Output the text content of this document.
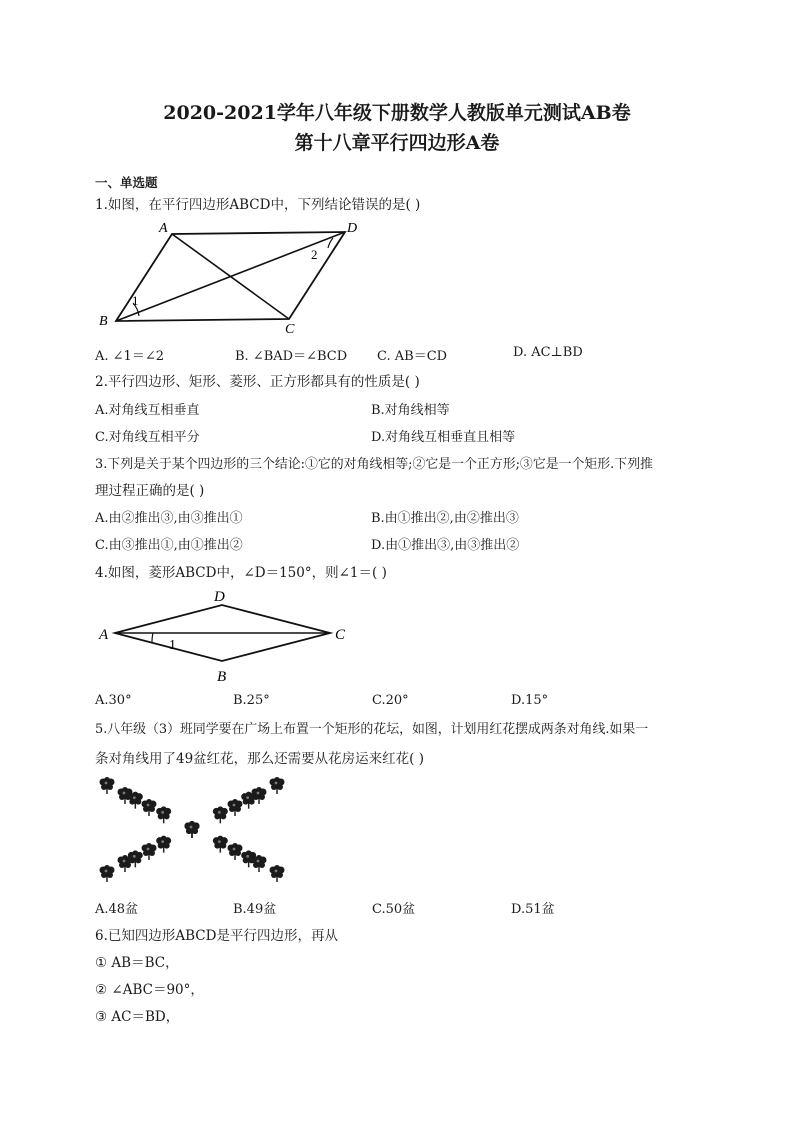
2020-2021学年八年级下册数学人教版单元测试AB卷
第十八章平行四边形A卷
一、单选题
1.如图，在平行四边形ABCD中，下列结论错误的是( )
A	D
B
C
1
2
A. ∠1＝∠2	B. ∠BAD＝∠BCD C. AB＝CD	D. AC⊥BD
2.平行四边形、矩形、菱形、正方形都具有的性质是( )
A.对角线互相垂直	B.对角线相等
C.对角线互相平分	D.对角线互相垂直且相等
3.下列是关于某个四边形的三个结论:①它的对角线相等;②它是一个正方形;③它是一个矩形.下列推
理过程正确的是( )
A.由②推出③,由③推出①	B.由①推出②,由②推出③
C.由③推出①,由①推出②	D.由①推出③,由③推出②
4.如图，菱形ABCD中，∠D＝150°，则∠1＝( )
D
A	C
B
1
A.30°	B.25°	C.20°	D.15°
5.八年级（3）班同学要在广场上布置一个矩形的花坛，如图，计划用红花摆成两条对角线.如果一
条对角线用了49盆红花，那么还需要从花房运来红花( )
A.48盆	B.49盆	C.50盆	D.51盆
6.已知四边形ABCD是平行四边形，再从
① AB＝BC，
② ∠ABC＝90°，
③ AC＝BD，
